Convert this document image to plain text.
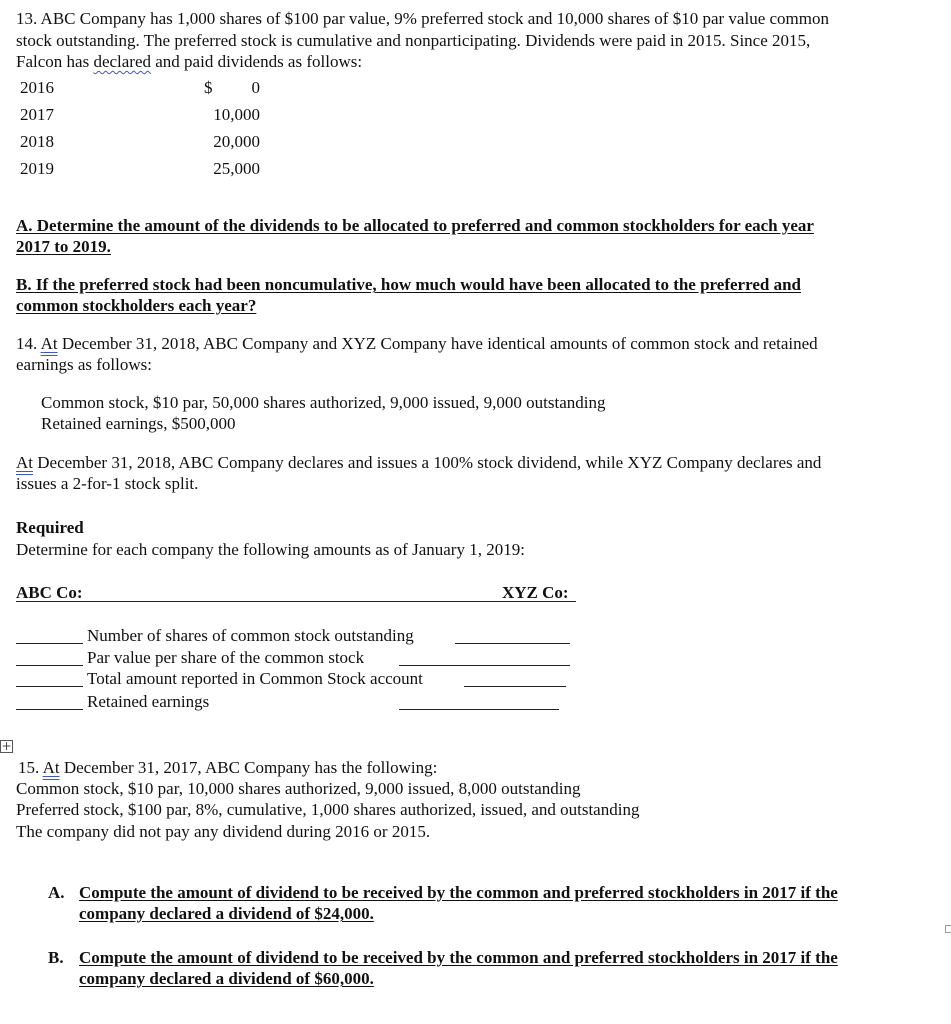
13. ABC Company has 1,000 shares of $100 par value, 9% preferred stock and 10,000 shares of $10 par value common
stock outstanding. The preferred stock is cumulative and nonparticipating. Dividends were paid in 2015. Since 2015,
Falcon has declared and paid dividends as follows:
2016	$	0
2017	10,000
2018	20,000
2019	25,000
A. Determine the amount of the dividends to be allocated to preferred and common stockholders for each year
2017 to 2019.
B. If the preferred stock had been noncumulative, how much would have been allocated to the preferred and
common stockholders each year?
14. At December 31, 2018, ABC Company and XYZ Company have identical amounts of common stock and retained
earnings as follows:
Common stock, $10 par, 50,000 shares authorized, 9,000 issued, 9,000 outstanding
Retained earnings, $500,000
At December 31, 2018, ABC Company declares and issues a 100% stock dividend, while XYZ Company declares and
issues a 2-for-1 stock split.
Required
Determine for each company the following amounts as of January 1, 2019:
ABC Co:	XYZ Co:
Number of shares of common stock outstanding
Par value per share of the common stock
Total amount reported in Common Stock account
Retained earnings
+
15. At December 31, 2017, ABC Company has the following:
Common stock, $10 par, 10,000 shares authorized, 9,000 issued, 8,000 outstanding
Preferred stock, $100 par, 8%, cumulative, 1,000 shares authorized, issued, and outstanding
The company did not pay any dividend during 2016 or 2015.
A. Compute the amount of dividend to be received by the common and preferred stockholders in 2017 if the
company declared a dividend of $24,000.
B. Compute the amount of dividend to be received by the common and preferred stockholders in 2017 if the
company declared a dividend of $60,000.
